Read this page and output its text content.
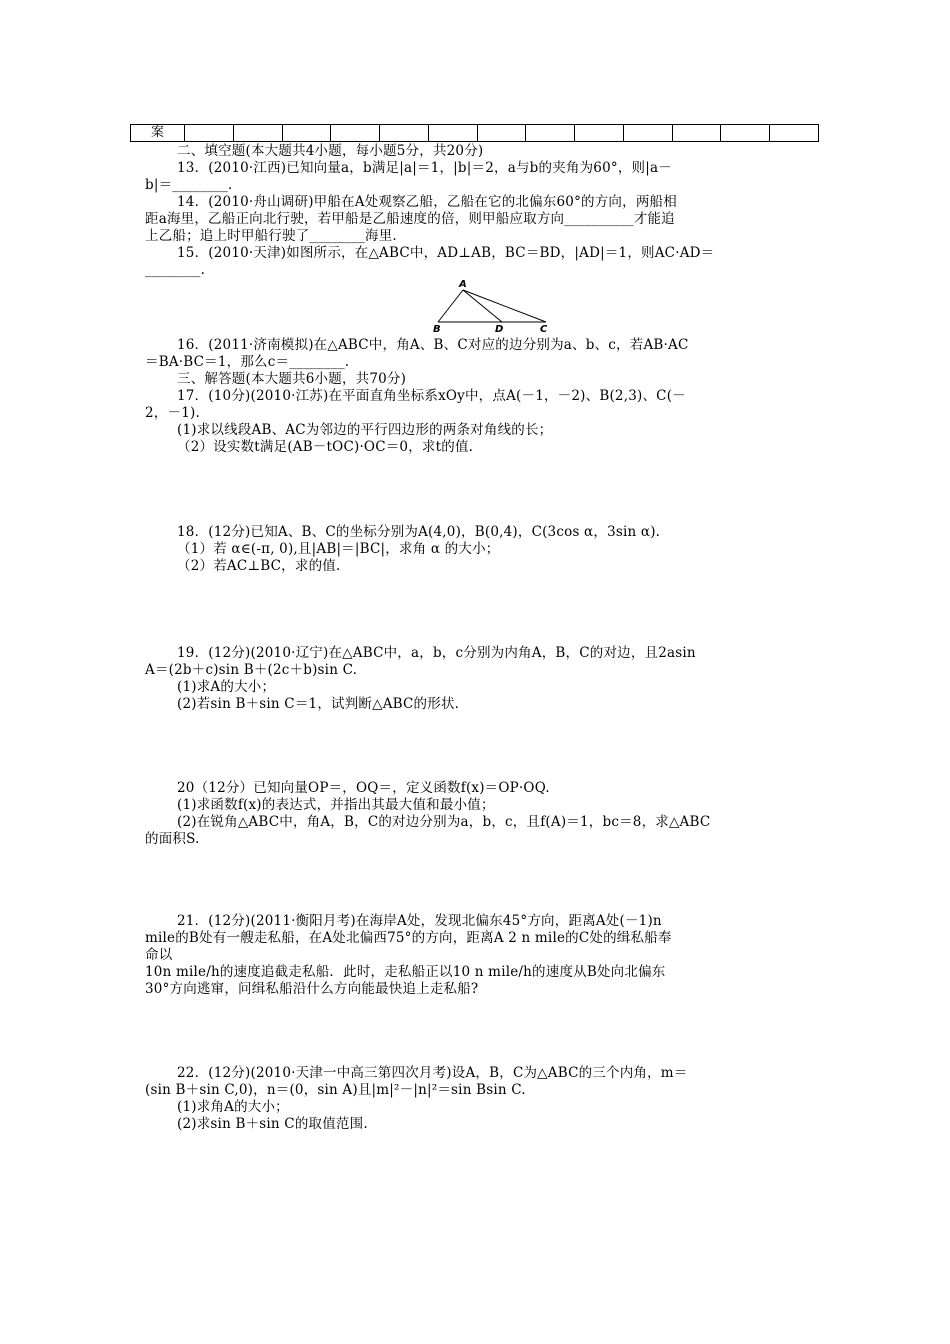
案													
二、填空题(本大题共4小题，每小题5分，共20分)
13．(2010·江西)已知向量a，b满足|a|＝1，|b|＝2，a与b的夹角为60°，则|a－
b|＝________.
14．(2010·舟山调研)甲船在A处观察乙船，乙船在它的北偏东60°的方向，两船相
距a海里，乙船正向北行驶，若甲船是乙船速度的倍，则甲船应取方向__________才能追
上乙船；追上时甲船行驶了________海里.
15．(2010·天津)如图所示，在△ABC中，AD⊥AB，BC＝BD，|AD|＝1，则AC·AD＝
________.
A
B	D	C
16．(2011·济南模拟)在△ABC中，角A、B、C对应的边分别为a、b、c，若AB·AC
＝BA·BC＝1，那么c＝________.
三、解答题(本大题共6小题，共70分)
17．(10分)(2010·江苏)在平面直角坐标系xOy中，点A(－1，－2)、B(2,3)、C(－
2，－1).
(1)求以线段AB、AC为邻边的平行四边形的两条对角线的长；
（2）设实数t满足(AB－tOC)·OC＝0，求t的值.
18．(12分)已知A、B、C的坐标分别为A(4,0)，B(0,4)，C(3cos α，3sin α).
（1）若 α∈(-π, 0),且|AB|＝|BC|，求角 α 的大小；
（2）若AC⊥BC，求的值.
19．(12分)(2010·辽宁)在△ABC中，a，b，c分别为内角A，B，C的对边，且2asin
A＝(2b＋c)sin B＋(2c＋b)sin C.
(1)求A的大小；
(2)若sin B＋sin C＝1，试判断△ABC的形状.
20（12分）已知向量OP＝，OQ＝，定义函数f(x)＝OP·OQ.
(1)求函数f(x)的表达式，并指出其最大值和最小值；
(2)在锐角△ABC中，角A，B，C的对边分别为a，b，c，且f(A)＝1，bc＝8，求△ABC
的面积S.
21．(12分)(2011·衡阳月考)在海岸A处，发现北偏东45°方向，距离A处(－1)n
mile的B处有一艘走私船，在A处北偏西75°的方向，距离A 2 n mile的C处的缉私船奉
命以
10n mile/h的速度追截走私船．此时，走私船正以10 n mile/h的速度从B处向北偏东
30°方向逃窜，问缉私船沿什么方向能最快追上走私船?
22．(12分)(2010·天津一中高三第四次月考)设A，B，C为△ABC的三个内角，m＝
(sin B＋sin C,0)，n＝(0，sin A)且|m|²－|n|²＝sin Bsin C.
(1)求角A的大小；
(2)求sin B＋sin C的取值范围.
